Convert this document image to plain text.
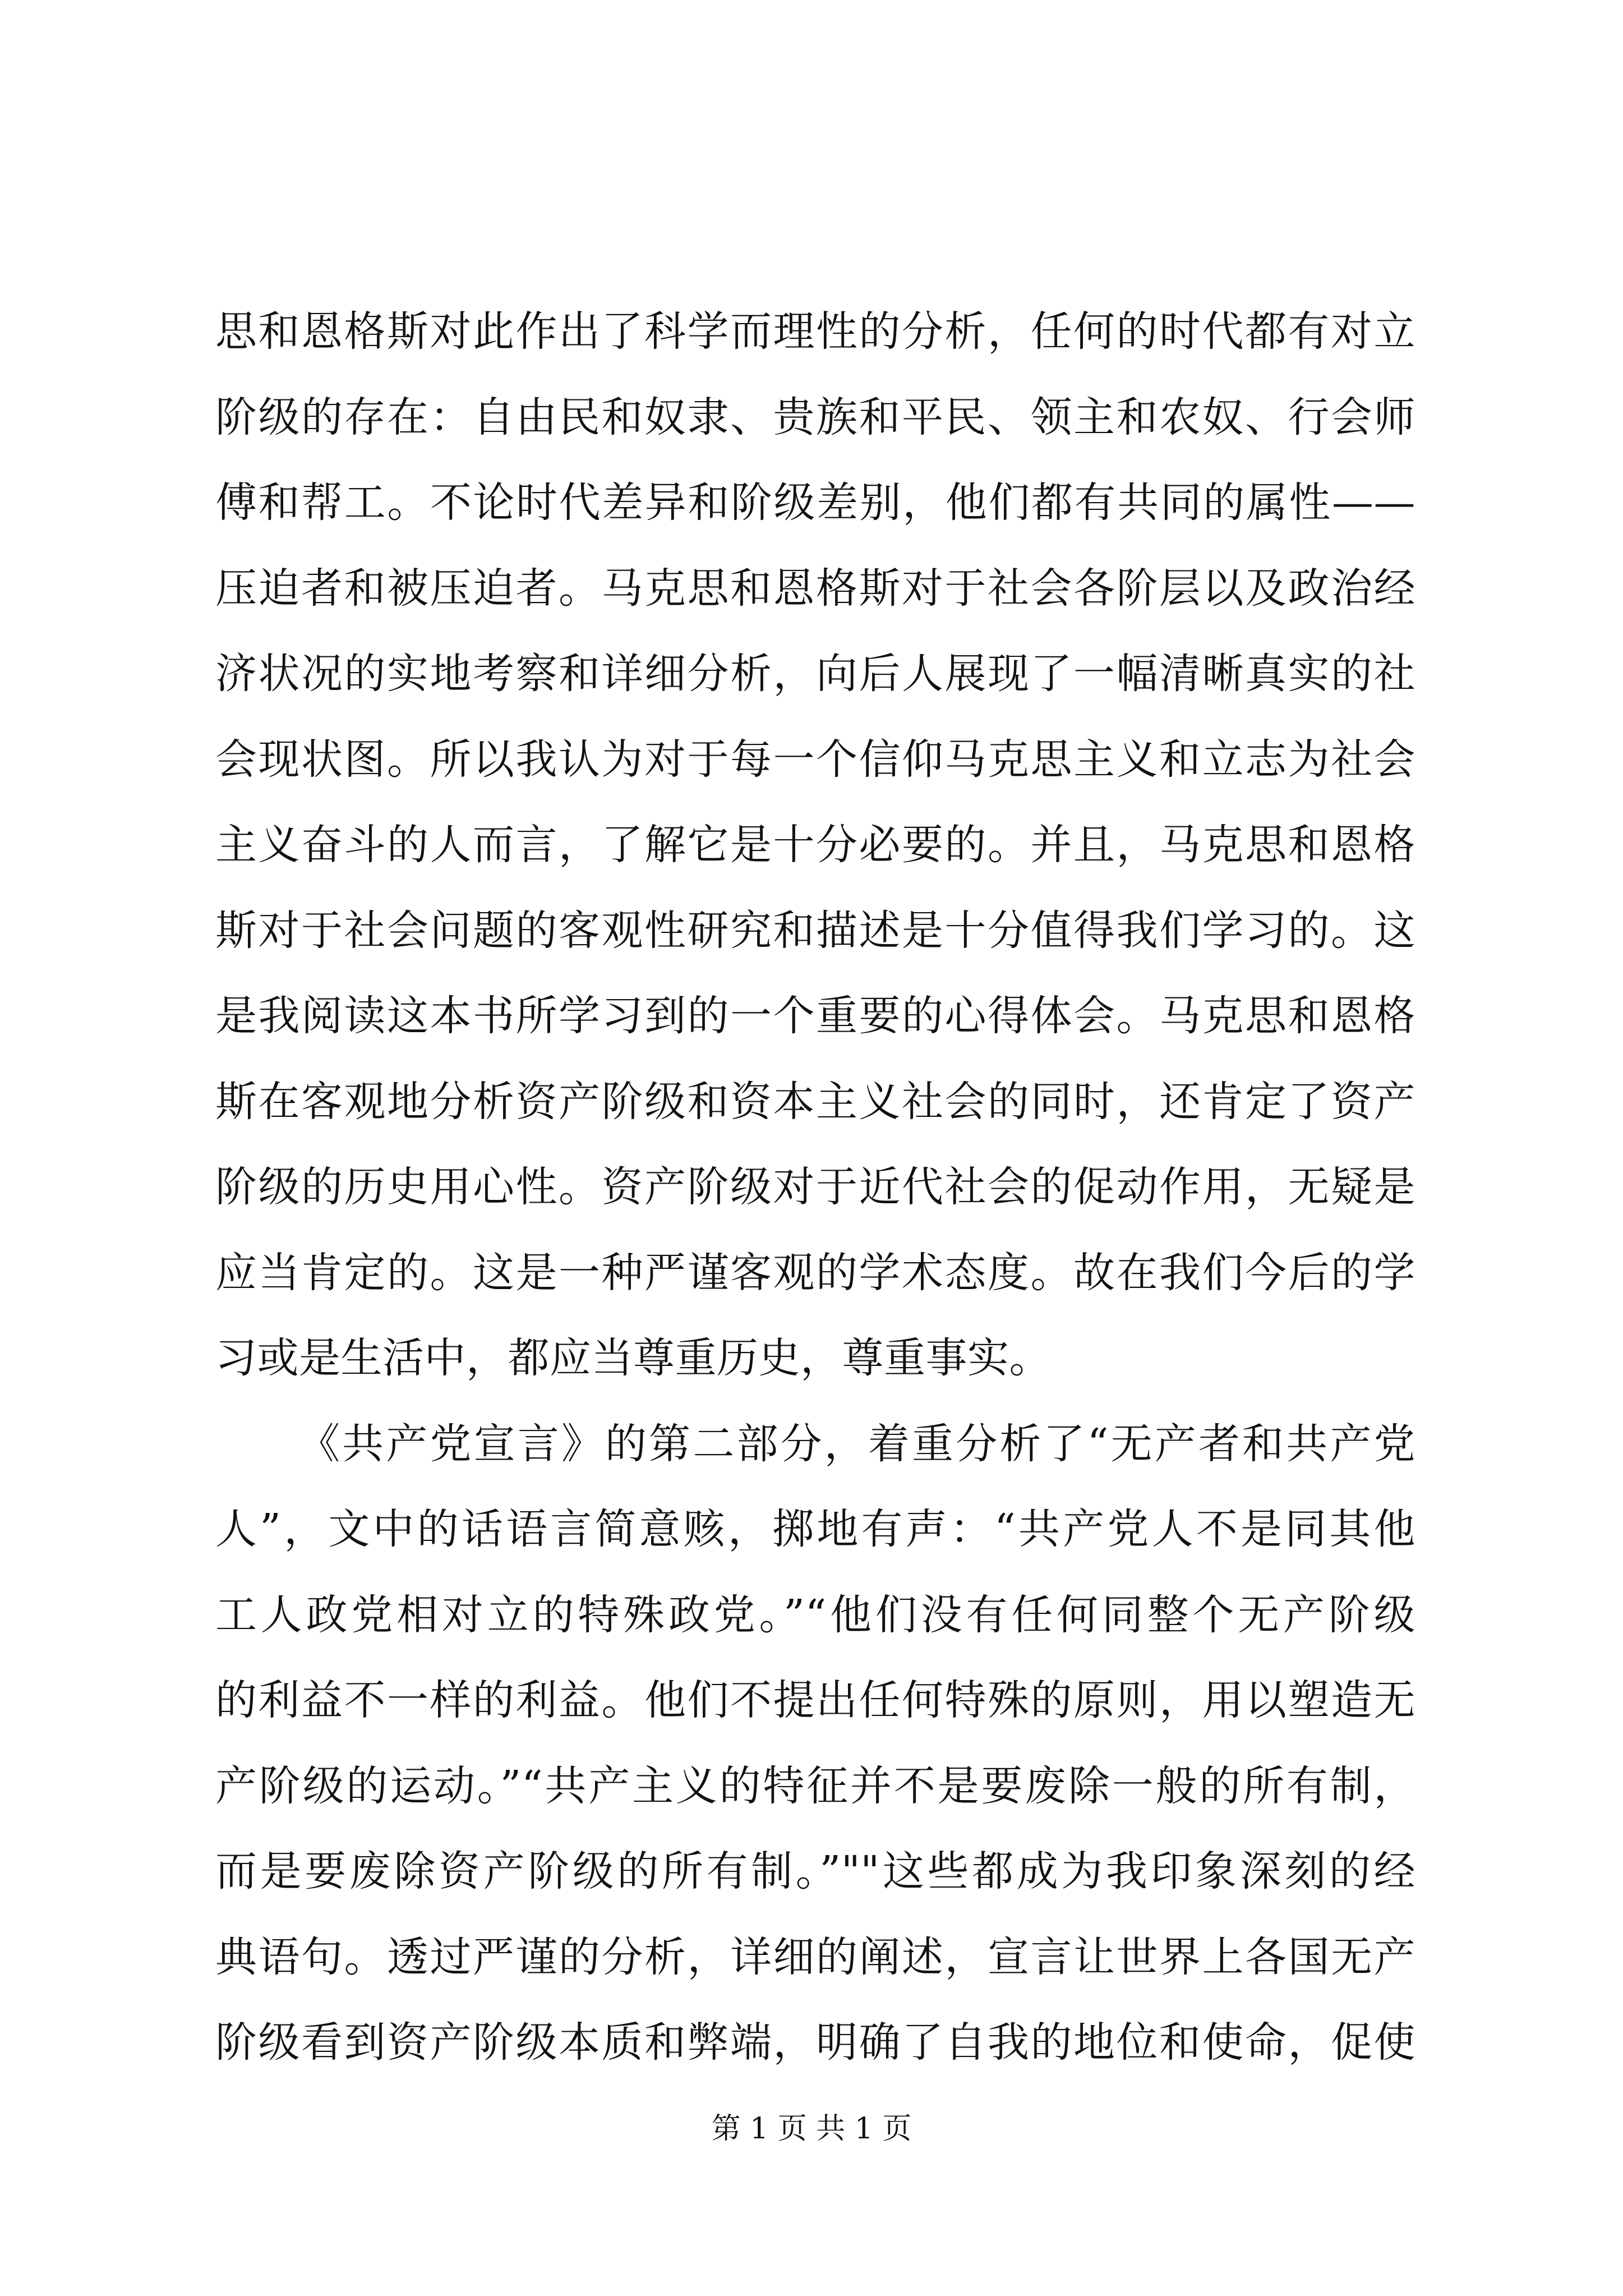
思和恩格斯对此作出了科学而理性的分析，任何的时代都有对立
阶级的存在：自由民和奴隶、贵族和平民、领主和农奴、行会师
傅和帮工。不论时代差异和阶级差别，他们都有共同的属性——
压迫者和被压迫者。马克思和恩格斯对于社会各阶层以及政治经
济状况的实地考察和详细分析，向后人展现了一幅清晰真实的社
会现状图。所以我认为对于每一个信仰马克思主义和立志为社会
主义奋斗的人而言，了解它是十分必要的。并且，马克思和恩格
斯对于社会问题的客观性研究和描述是十分值得我们学习的。这
是我阅读这本书所学习到的一个重要的心得体会。马克思和恩格
斯在客观地分析资产阶级和资本主义社会的同时，还肯定了资产
阶级的历史用心性。资产阶级对于近代社会的促动作用，无疑是
应当肯定的。这是一种严谨客观的学术态度。故在我们今后的学
习或是生活中，都应当尊重历史，尊重事实。
《共产党宣言》的第二部分，着重分析了“无产者和共产党
人”，文中的话语言简意赅，掷地有声：“共产党人不是同其他
工人政党相对立的特殊政党。”“他们没有任何同整个无产阶级
的利益不一样的利益。他们不提出任何特殊的原则，用以塑造无
产阶级的运动。”“共产主义的特征并不是要废除一般的所有制，
而是要废除资产阶级的所有制。”""这些都成为我印象深刻的经
典语句。透过严谨的分析，详细的阐述，宣言让世界上各国无产
阶级看到资产阶级本质和弊端，明确了自我的地位和使命，促使
第 1 页 共 1 页
